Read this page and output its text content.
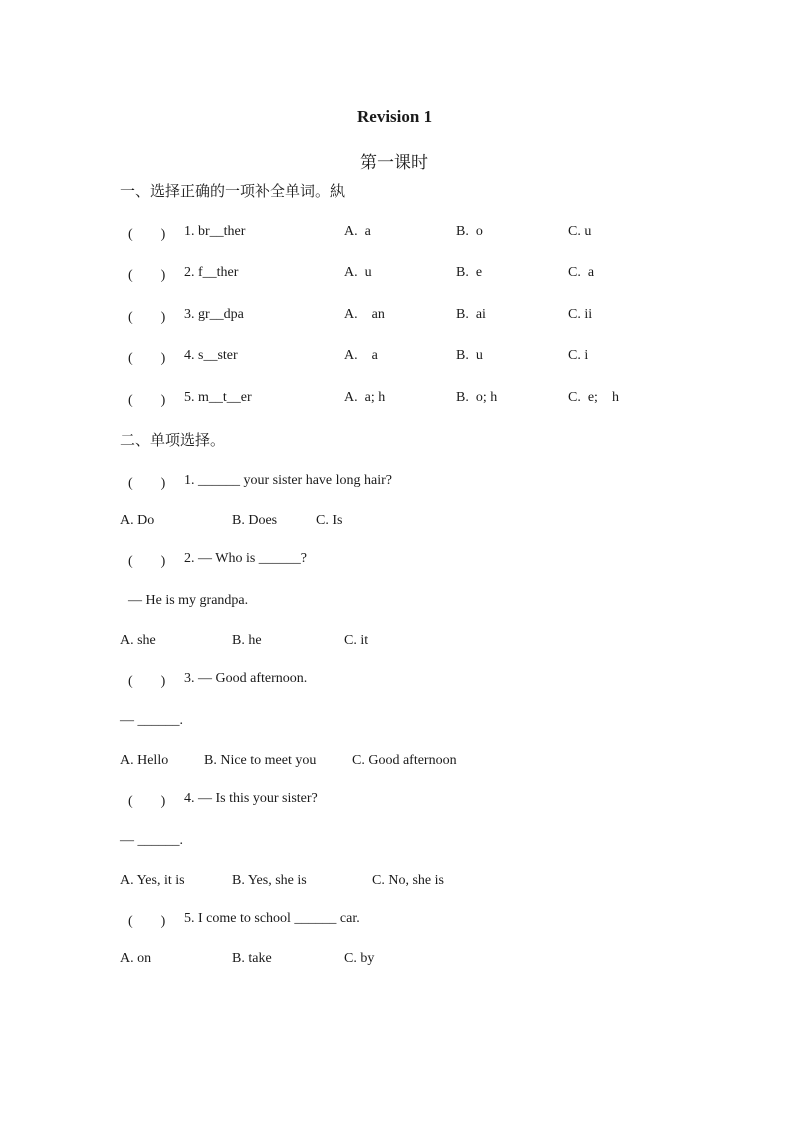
Revision 1
第一课时
一、选择正确的一项补全单词。紈
(　　) 1. br__ther	A.  a	B.  o	C. u
(　　) 2. f__ther	A.  u	B.  e	C.  a
(　　) 3. gr__dpa	A.    an	B.  ai	C. ii
(　　) 4. s__ster	A.    a	B.  u	C. i
(　　) 5. m__t__er	A.  a; h	B.  o; h	C.  e;    h
二、单项选择。
(　　) 1. ______ your sister have long hair?
A. Do	B. Does	C. Is
(　　) 2. — Who is ______?
— He is my grandpa.
A. she	B. he	C. it
(　　) 3. — Good afternoon.
— ______.
A. Hello	B. Nice to meet you	C. Good afternoon
(　　) 4. — Is this your sister?
— ______.
A. Yes, it is	B. Yes, she is	C. No, she is
(　　) 5. I come to school ______ car.
A. on	B. take	C. by
